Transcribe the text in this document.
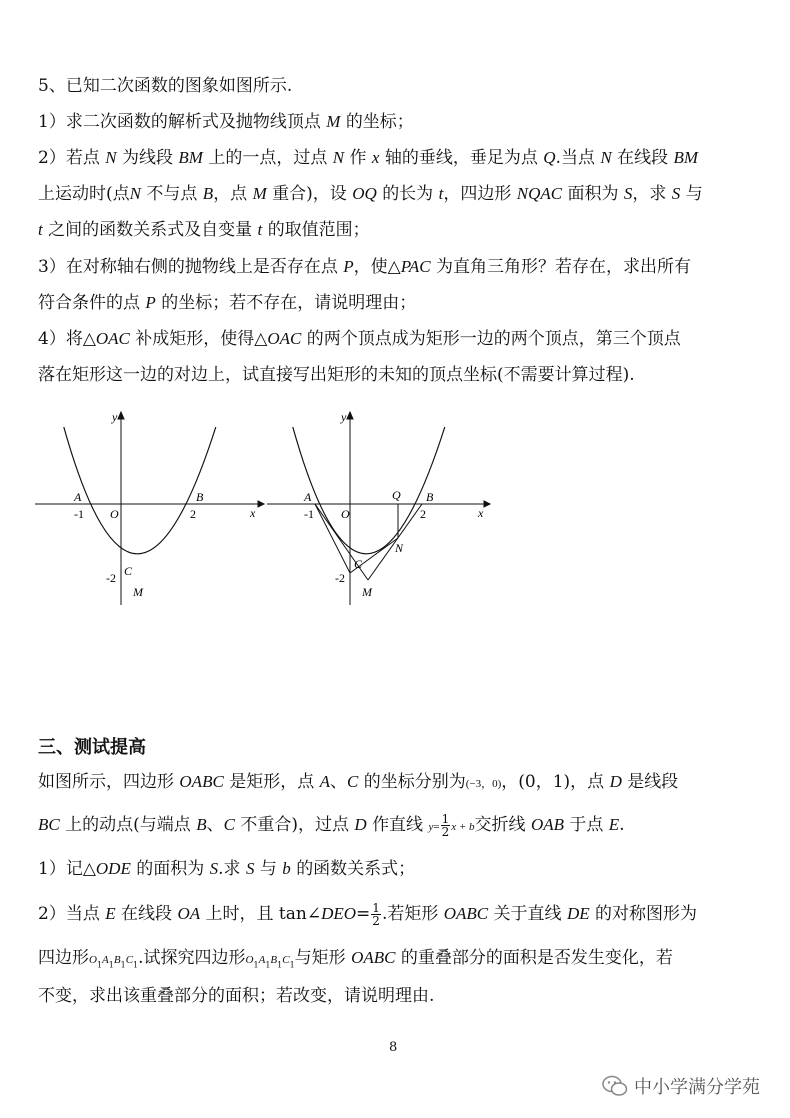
5、已知二次函数的图象如图所示.
1）求二次函数的解析式及抛物线顶点 M 的坐标；
2）若点 N 为线段 BM 上的一点，过点 N 作 x 轴的垂线，垂足为点 Q.当点 N 在线段 BM
上运动时(点N 不与点 B，点 M 重合)，设 OQ 的长为 t，四边形 NQAC 面积为 S，求 S 与
t 之间的函数关系式及自变量 t 的取值范围；
3）在对称轴右侧的抛物线上是否存在点 P，使△PAC 为直角三角形？若存在，求出所有
符合条件的点 P 的坐标；若不存在，请说明理由；
4）将△OAC 补成矩形，使得△OAC 的两个顶点成为矩形一边的两个顶点，第三个顶点
落在矩形这一边的对边上，试直接写出矩形的未知的顶点坐标(不需要计算过程).
y
x
A	B
O
-1	2
-2 C
M
y
x
A	B
Q
O
-1	2
-2
C
N
M
三、测试提高
如图所示，四边形 OABC 是矩形，点 A、C 的坐标分别为(−3，0)，(0，1)，点 D 是线段
BC 上的动点(与端点 B、C 不重合)，过点 D 作直线 $y= \frac{1}{2}$ x + b交折线 OAB 于点 E.
1）记△ODE 的面积为 S.求 S 与 b 的函数关系式；
2）当点 E 在线段 OA 上时，且 tan∠DEO= $\frac{1}{2}$ .若矩形 OABC 关于直线 DE 的对称图形为
四边形$O_1A_1B_1C_1$.试探究四边形$O_1A_1B_1C_1$与矩形 OABC 的重叠部分的面积是否发生变化，若
不变，求出该重叠部分的面积；若改变，请说明理由.
8
中小学满分学苑
